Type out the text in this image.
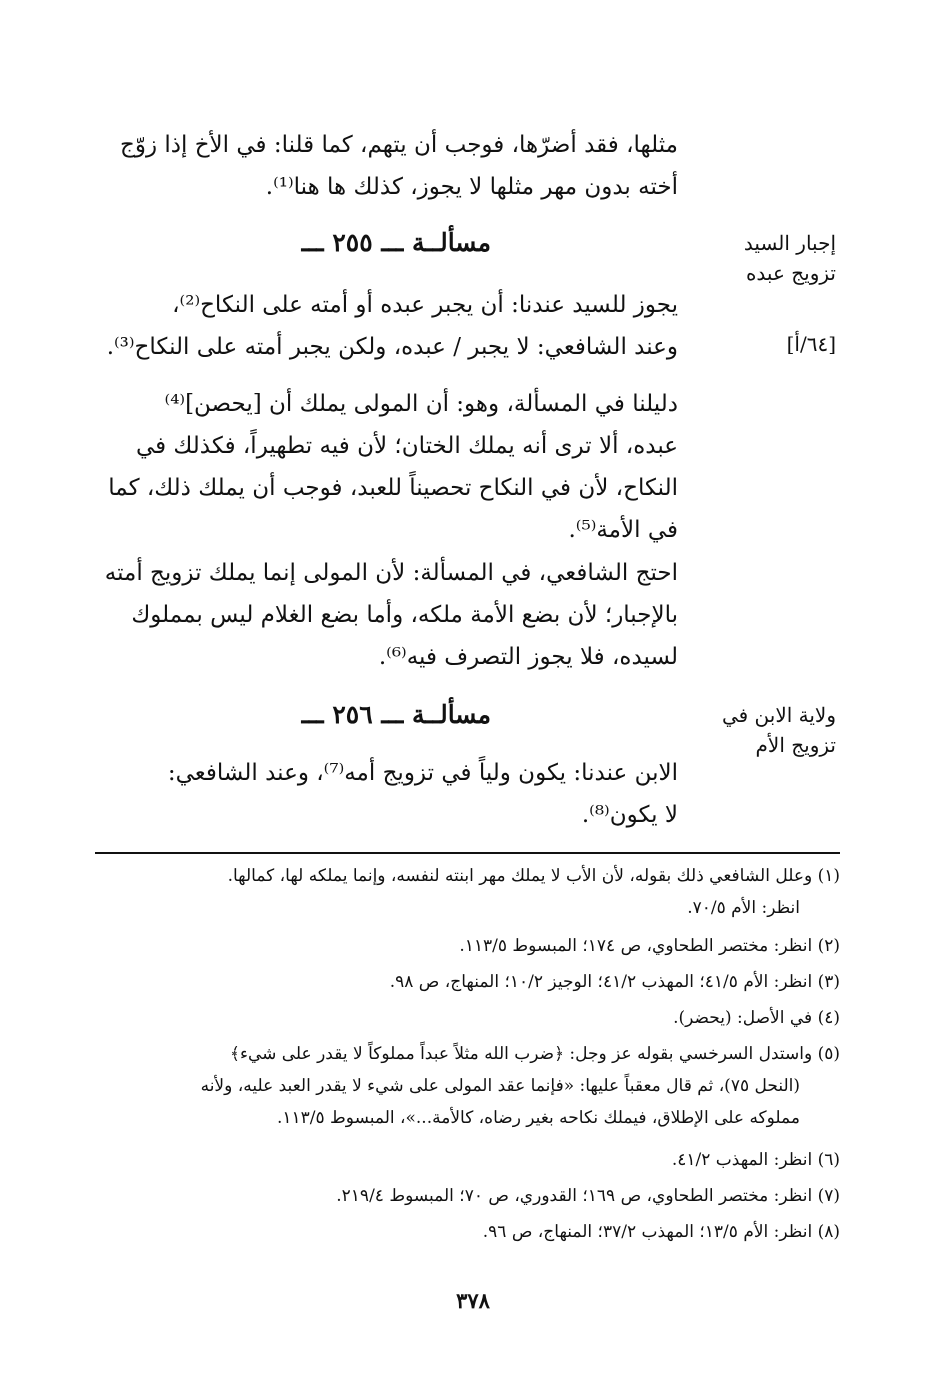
مثلها، فقد أضرّها، فوجب أن يتهم، كما قلنا: في الأخ إذا زوّج
أخته بدون مهر مثلها لا يجوز، كذلك ها هنا⁽¹⁾.
إجبار السيد
تزويج عبده
[٦٤/أ]
ولاية الابن في
تزويج الأم
مسألــة ـــ ٢٥٥ ـــ
يجوز للسيد عندنا: أن يجبر عبده أو أمته على النكاح⁽²⁾،
وعند الشافعي: لا يجبر / عبده، ولكن يجبر أمته على النكاح⁽³⁾.
دليلنا في المسألة، وهو: أن المولى يملك أن [يحصن]⁽⁴⁾
عبده، ألا ترى أنه يملك الختان؛ لأن فيه تطهيراً، فكذلك في
النكاح، لأن في النكاح تحصيناً للعبد، فوجب أن يملك ذلك، كما
في الأمة⁽⁵⁾.
احتج الشافعي، في المسألة: لأن المولى إنما يملك تزويج أمته
بالإجبار؛ لأن بضع الأمة ملكه، وأما بضع الغلام ليس بمملوك
لسيده، فلا يجوز التصرف فيه⁽⁶⁾.
مسألــة ـــ ٢٥٦ ـــ
الابن عندنا: يكون ولياً في تزويج أمه⁽⁷⁾، وعند الشافعي:
لا يكون⁽⁸⁾.
(١) وعلل الشافعي ذلك بقوله، لأن الأب لا يملك مهر ابنته لنفسه، وإنما يملكه لها، كمالها.
انظر: الأم ٧٠/٥.
(٢) انظر: مختصر الطحاوي، ص ١٧٤؛ المبسوط ١١٣/٥.
(٣) انظر: الأم ٤١/٥؛ المهذب ٤١/٢؛ الوجيز ١٠/٢؛ المنهاج، ص ٩٨.
(٤) في الأصل: (يحضر).
(٥) واستدل السرخسي بقوله عز وجل: ﴿ضرب الله مثلاً عبداً مملوكاً لا يقدر على شيء﴾
(النحل ٧٥)، ثم قال معقباً عليها: «فإنما عقد المولى على شيء لا يقدر العبد عليه، ولأنه
مملوكه على الإطلاق، فيملك نكاحه بغير رضاه، كالأمة...»، المبسوط ١١٣/٥.
(٦) انظر: المهذب ٤١/٢.
(٧) انظر: مختصر الطحاوي، ص ١٦٩؛ القدوري، ص ٧٠؛ المبسوط ٢١٩/٤.
(٨) انظر: الأم ١٣/٥؛ المهذب ٣٧/٢؛ المنهاج، ص ٩٦.
٣٧٨
